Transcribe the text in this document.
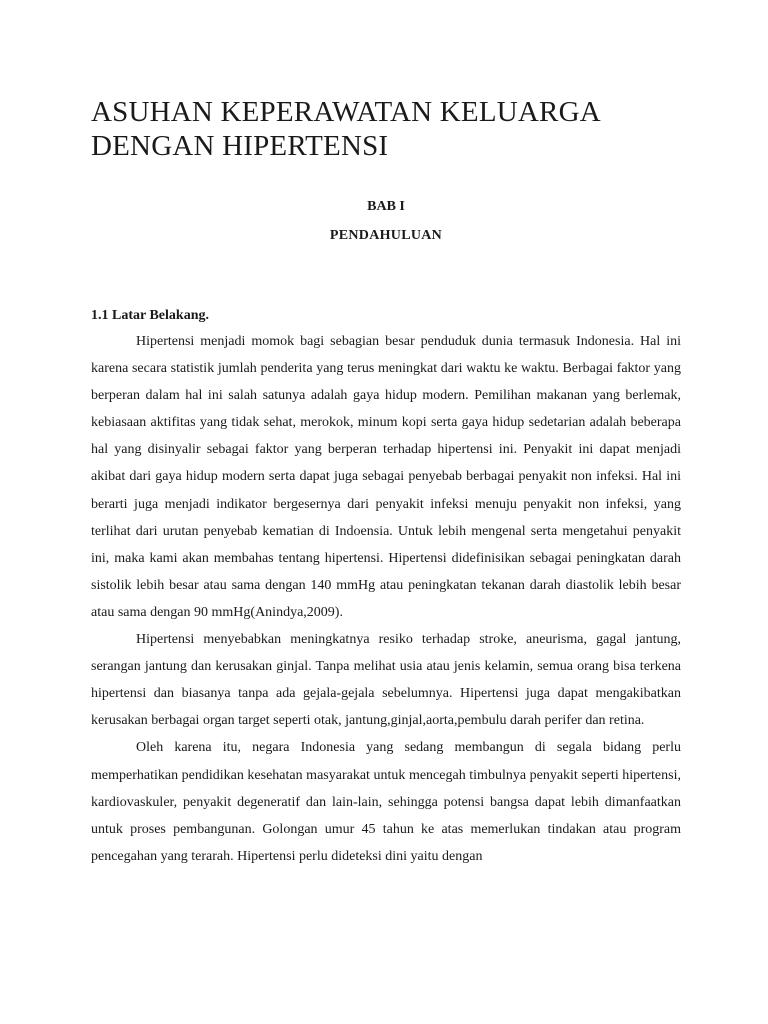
ASUHAN KEPERAWATAN KELUARGA DENGAN HIPERTENSI

BAB I

PENDAHULUAN

1.1 Latar Belakang.

Hipertensi menjadi momok bagi sebagian besar penduduk dunia termasuk Indonesia. Hal ini karena secara statistik jumlah penderita yang terus meningkat dari waktu ke waktu. Berbagai faktor yang berperan dalam hal ini salah satunya adalah gaya hidup modern. Pemilihan makanan yang berlemak, kebiasaan aktifitas yang tidak sehat, merokok, minum kopi serta gaya hidup sedetarian adalah beberapa hal yang disinyalir sebagai faktor yang berperan terhadap hipertensi ini. Penyakit ini dapat menjadi akibat dari gaya hidup modern serta dapat juga sebagai penyebab berbagai penyakit non infeksi. Hal ini berarti juga menjadi indikator bergesernya dari penyakit infeksi menuju penyakit non infeksi, yang terlihat dari urutan penyebab kematian di Indoensia. Untuk lebih mengenal serta mengetahui penyakit ini, maka kami akan membahas tentang hipertensi. Hipertensi didefinisikan sebagai peningkatan darah sistolik lebih besar atau sama dengan 140 mmHg atau peningkatan tekanan darah diastolik lebih besar atau sama dengan 90 mmHg(Anindya,2009).

Hipertensi menyebabkan meningkatnya resiko terhadap stroke, aneurisma, gagal jantung, serangan jantung dan kerusakan ginjal. Tanpa melihat usia atau jenis kelamin, semua orang bisa terkena hipertensi dan biasanya tanpa ada gejala-gejala sebelumnya. Hipertensi juga dapat mengakibatkan kerusakan berbagai organ target seperti otak, jantung,ginjal,aorta,pembulu darah perifer dan retina.

Oleh karena itu, negara Indonesia yang sedang membangun di segala bidang perlu memperhatikan pendidikan kesehatan masyarakat untuk mencegah timbulnya penyakit seperti hipertensi, kardiovaskuler, penyakit degeneratif dan lain-lain, sehingga potensi bangsa dapat lebih dimanfaatkan untuk proses pembangunan. Golongan umur 45 tahun ke atas memerlukan tindakan atau program pencegahan yang terarah. Hipertensi perlu dideteksi dini yaitu dengan
